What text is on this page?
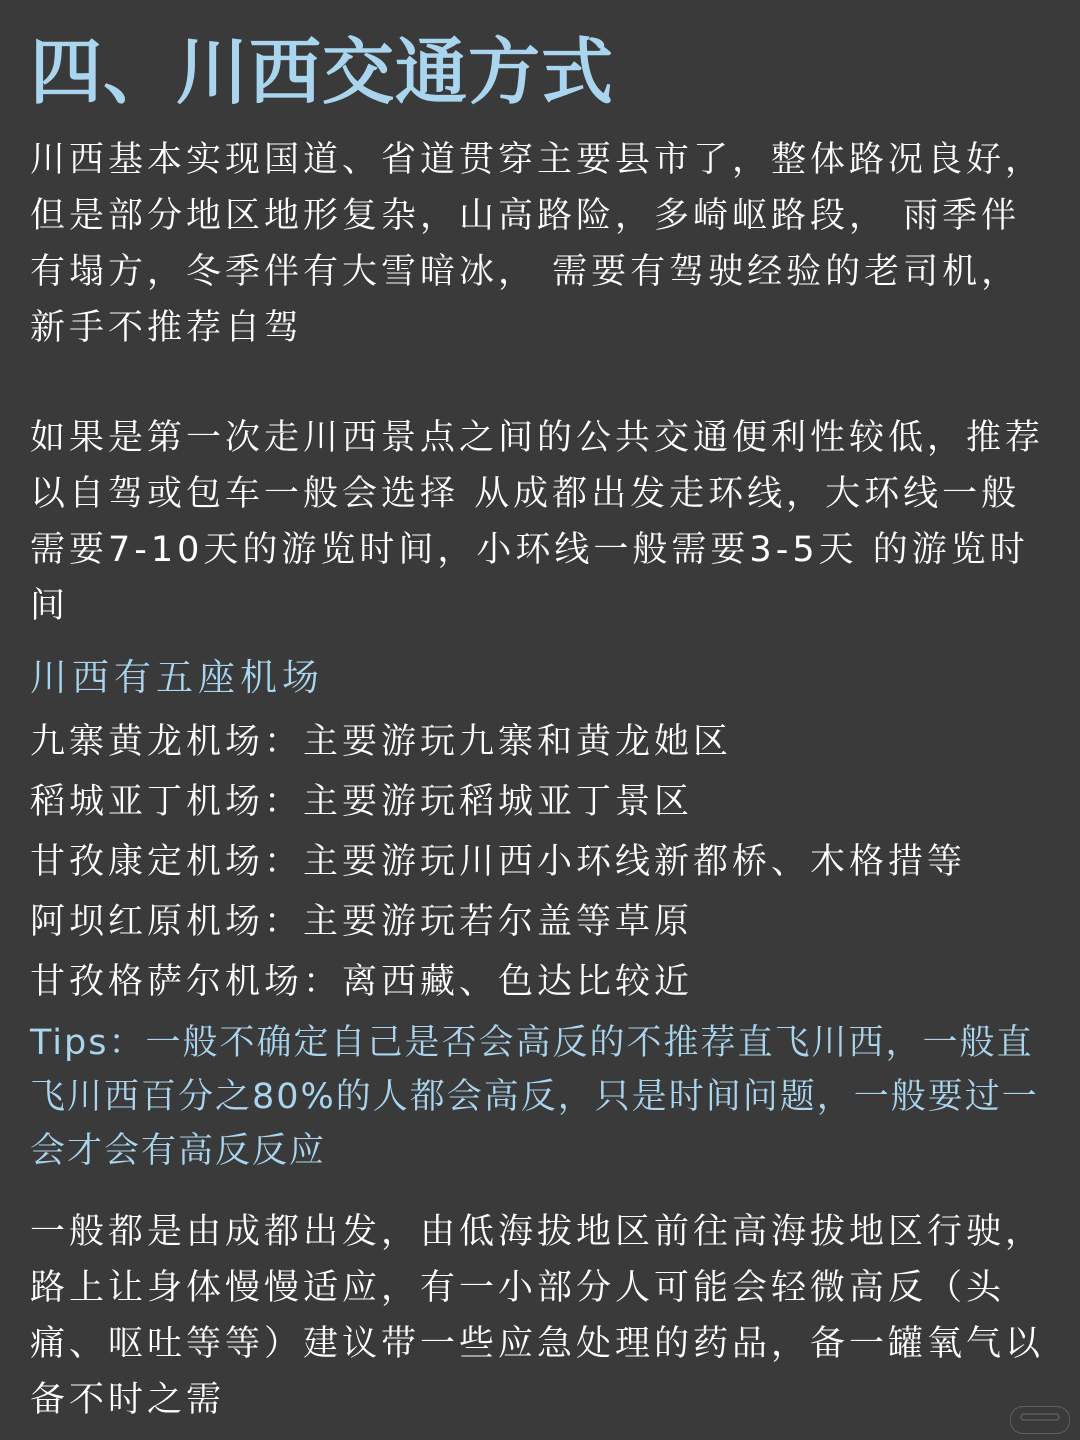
四、川西交通方式

川西基本实现国道、省道贯穿主要县市了，整体路况良好，但是部分地区地形复杂，山高路险，多崎岖路段， 雨季伴有塌方，冬季伴有大雪暗冰， 需要有驾驶经验的老司机，新手不推荐自驾

如果是第一次走川西景点之间的公共交通便利性较低，推荐以自驾或包车一般会选择 从成都出发走环线，大环线一般需要7-10天的游览时间，小环线一般需要3-5天 的游览时间

川西有五座机场
九寨黄龙机场：主要游玩九寨和黄龙她区
稻城亚丁机场：主要游玩稻城亚丁景区
甘孜康定机场：主要游玩川西小环线新都桥、木格措等
阿坝红原机场：主要游玩若尔盖等草原
甘孜格萨尔机场：离西藏、色达比较近

Tips：一般不确定自己是否会高反的不推荐直飞川西，一般直飞川西百分之80%的人都会高反，只是时间问题，一般要过一会才会有高反反应

一般都是由成都出发，由低海拔地区前往高海拔地区行驶，路上让身体慢慢适应，有一小部分人可能会轻微高反（头痛、呕吐等等）建议带一些应急处理的药品，备一罐氧气以备不时之需
